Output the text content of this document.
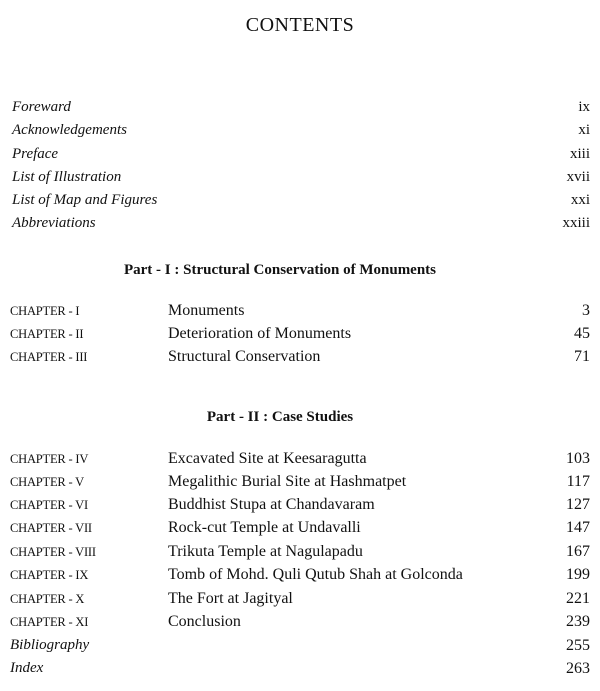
CONTENTS
Foreward	ix
Acknowledgements	xi
Preface	xiii
List of Illustration	xvii
List of Map and Figures	xxi
Abbreviations	xxiii
Part - I : Structural Conservation of Monuments
CHAPTER - I	Monuments	3
CHAPTER - II	Deterioration of Monuments	45
CHAPTER - III	Structural Conservation	71
Part - II : Case Studies
CHAPTER - IV	Excavated Site at Keesaragutta	103
CHAPTER - V	Megalithic Burial Site at Hashmatpet	117
CHAPTER - VI	Buddhist Stupa at Chandavaram	127
CHAPTER - VII	Rock-cut Temple at Undavalli	147
CHAPTER - VIII	Trikuta Temple at Nagulapadu	167
CHAPTER - IX	Tomb of Mohd. Quli Qutub Shah at Golconda	199
CHAPTER - X	The Fort at Jagityal	221
CHAPTER - XI	Conclusion	239
Bibliography	255
Index	263
